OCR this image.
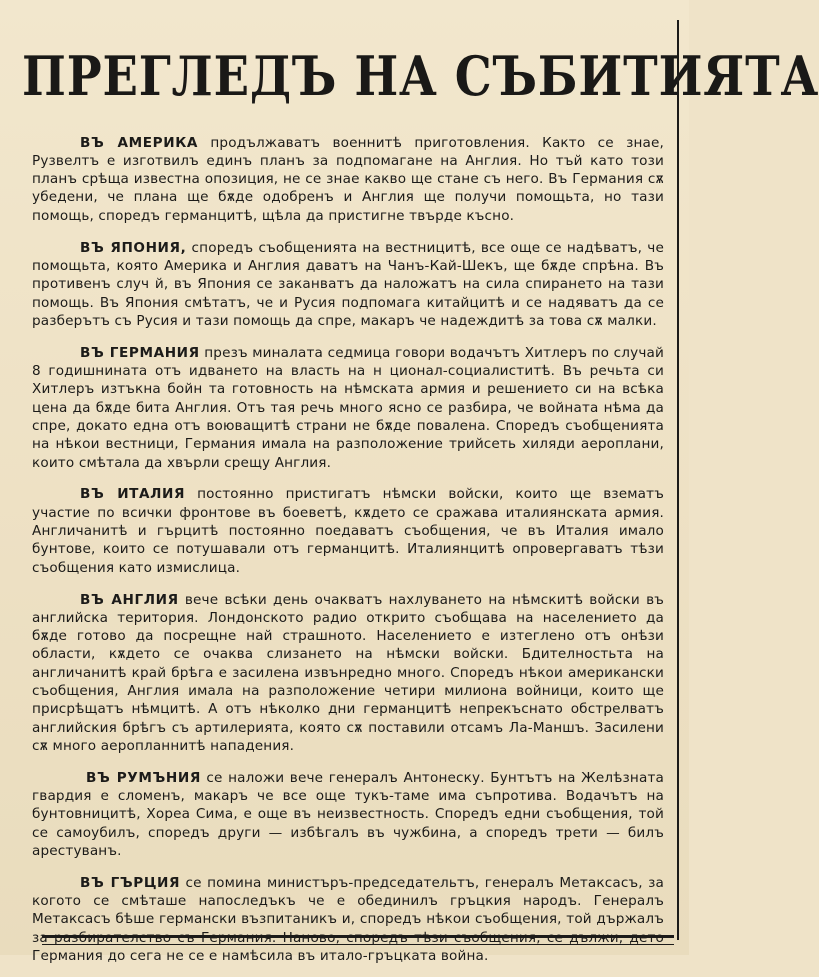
ПРЕГЛЕДЪ НА СЪБИТИЯТА

ВЪ АМЕРИКА продължаватъ военнитѣ приготовления. Както се знае, Рузвелтъ е изготвилъ единъ планъ за подпомагане на Англия. Но тъй като този планъ срѣща известна опозиция, не се знае какво ще стане съ него. Въ Германия сѫ убедени, че плана ще бѫде одобренъ и Англия ще получи помощьта, но тази помощь, споредъ германцитѣ, щѣла да пристигне твърде късно.

ВЪ ЯПОНИЯ, споредъ съобщенията на вестницитѣ, все още се надѣватъ, че помощьта, която Америка и Англия даватъ на Чанъ-Кай-Шекъ, ще бѫде спрѣна. Въ противенъ случ й, въ Япония се заканватъ да наложатъ на сила спирането на тази помощь. Въ Япония смѣтатъ, че и Русия подпомага китайцитѣ и се надяватъ да се разберътъ съ Русия и тази помощь да спре, макаръ че надеждитѣ за това сѫ малки.

ВЪ ГЕРМАНИЯ презъ миналата седмица говори водачътъ Хитлеръ по случай 8 годишнината отъ идването на власть на н ционал-социалиститѣ. Въ речьта си Хитлеръ изтъкна бойн та готовность на нѣмската армия и решението си на всѣка цена да бѫде бита Англия. Отъ тая речь много ясно се разбира, че войната нѣма да спре, докато една отъ воюващитѣ страни не бѫде повалена. Споредъ съобщенията на нѣкои вестници, Германия имала на разположение трийсеть хиляди аероплани, които смѣтала да хвърли срещу Англия.

ВЪ ИТАЛИЯ постоянно пристигатъ нѣмски войски, които ще взематъ участие по всички фронтове въ боеветѣ, кѫдето се сражава италиянската армия. Англичанитѣ и гърцитѣ постоянно поедаватъ съобщения, че въ Италия имало бунтове, които се потушавали отъ германцитѣ. Италиянцитѣ опровергаватъ тѣзи съобщения като измислица.

ВЪ АНГЛИЯ вече всѣки день очакватъ нахлуването на нѣмскитѣ войски въ английска територия. Лондонското радио открито съобщава на населението да бѫде готово да посрещне най страшното. Населението е изтеглено отъ онѣзи области, кѫдето се очаква слизането на нѣмски войски. Бдителностьта на англичанитѣ край брѣга е засилена извънредно много. Споредъ нѣкои американски съобщения, Англия имала на разположение четири милиона войници, които ще присрѣщатъ нѣмцитѣ. А отъ нѣколко дни германцитѣ непрекъснато обстрелватъ английския брѣгъ съ артилерията, която сѫ поставили отсамъ Ла-Маншъ. Засилени сѫ много аеропланнитѣ нападения.

ВЪ РУМЪНИЯ се наложи вече генералъ Антонеску. Бунтътъ на Желѣзната гвардия е сломенъ, макаръ че все още тукъ-таме има съпротива. Водачътъ на бунтовницитѣ, Хореа Сима, е още въ неизвестность. Споредъ едни съобщения, той се самоубилъ, споредъ други — избѣгалъ въ чужбина, а споредъ трети — билъ арестуванъ.

ВЪ ГЪРЦИЯ се помина министъръ-председательтъ, генералъ Метаксасъ, за когото се смѣташе напоследъкъ че е обединилъ гръцкия народъ. Генералъ Метаксасъ бѣше германски възпитаникъ и, споредъ нѣкои съобщения, той държалъ за разбирателство съ Германия. Наново, споредъ тѣзи съобщения, се дължи, дето Германия до сега не се е намѣсила въ итало-гръцката война.
